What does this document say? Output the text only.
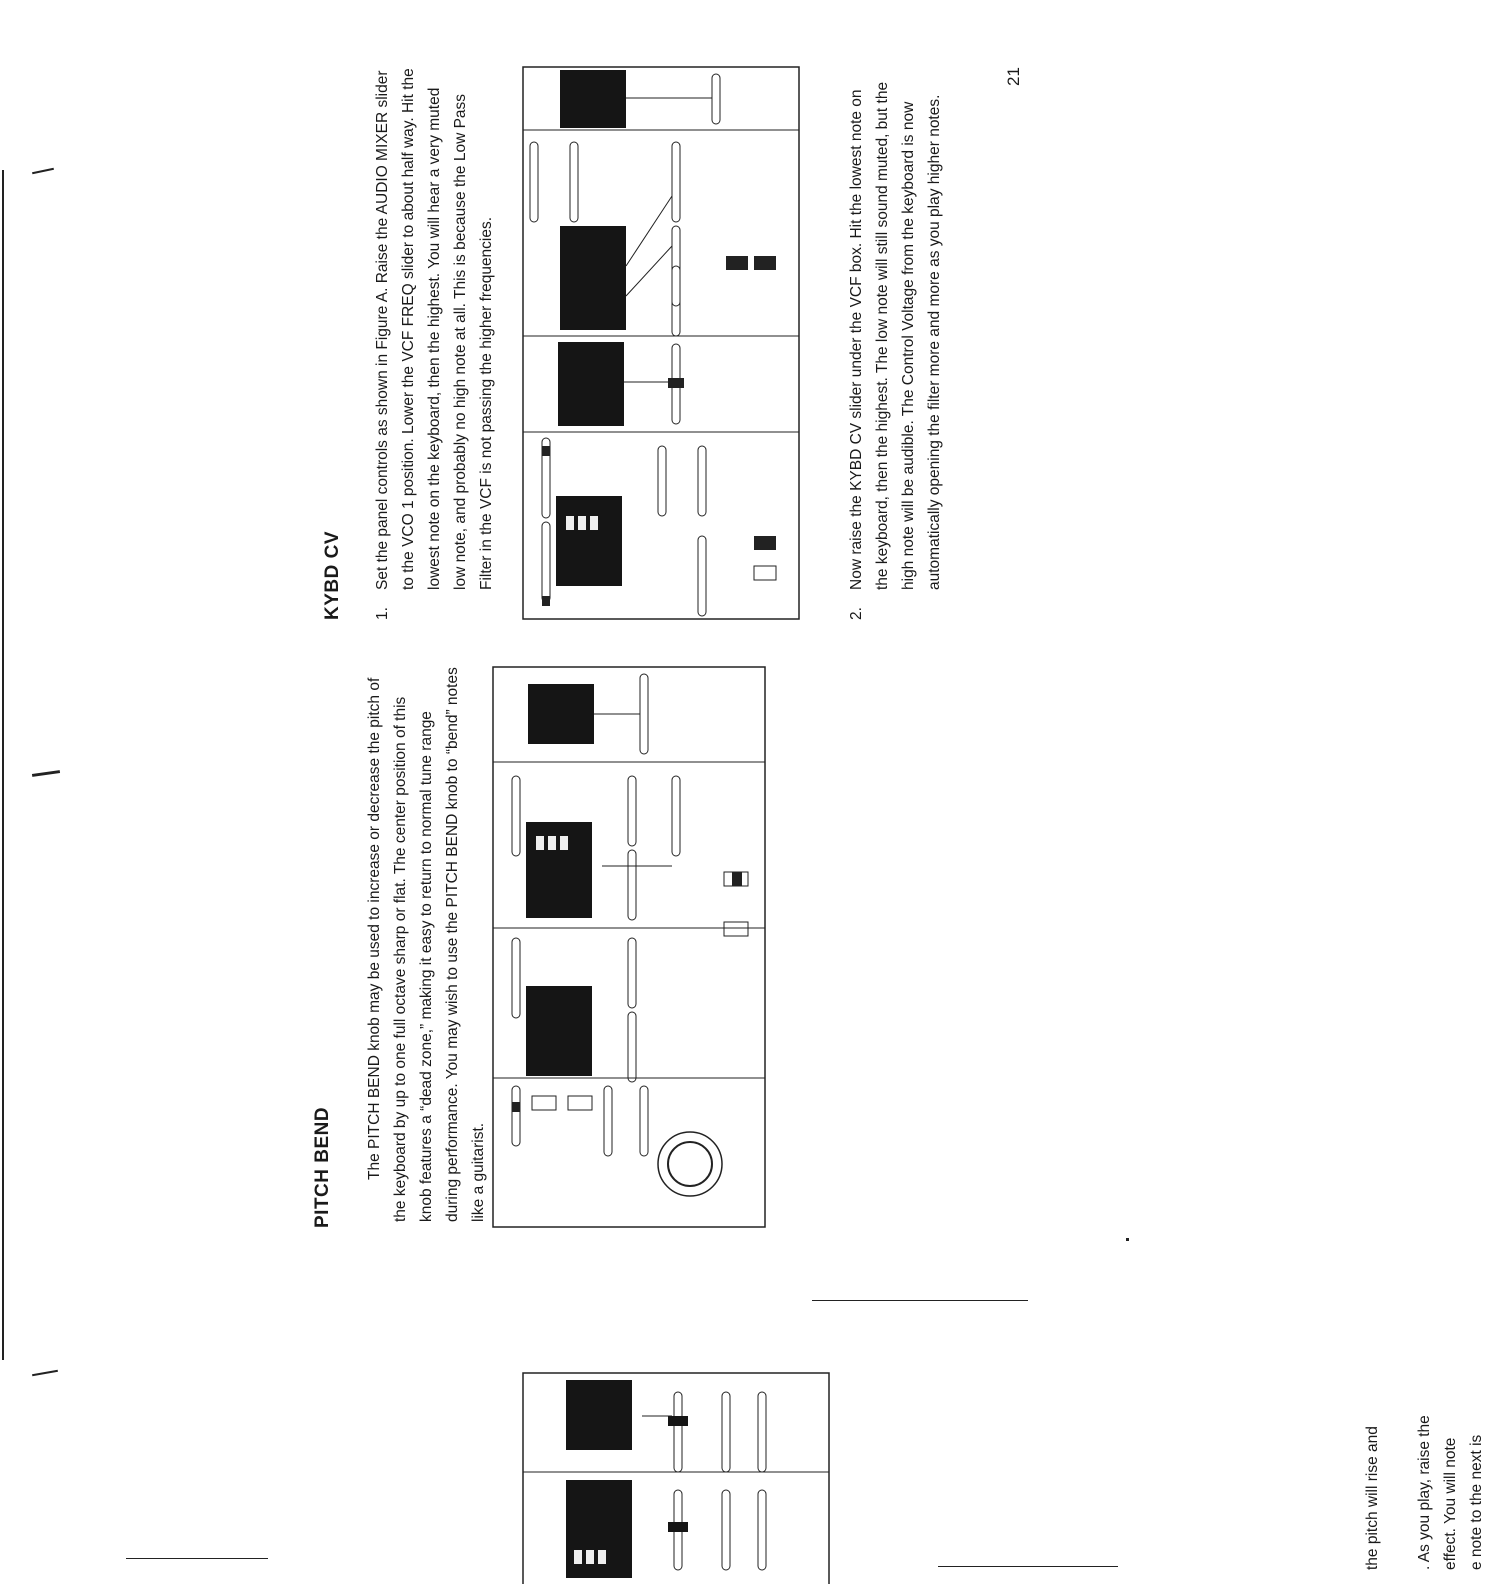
the pitch will rise and	. As you play, raise the effect. You will note e note to the next is
PITCH BEND The PITCH BEND knob may be used to increase or decrease the pitch of the keyboard by up to one full octave sharp or flat. The center position of this knob features a “dead zone,” making it easy to return to normal tune range during performance. You may wish to use the PITCH BEND knob to “bend” notes like a guitarist.

KYBD CV 1.
Set the panel controls as shown in Figure A. Raise the AUDIO MIXER slider to the VCO 1 position. Lower the VCF FREQ slider to about half way. Hit the lowest note on the keyboard, then the highest. You will hear a very muted low note, and probably no high note at all. This is because the Low Pass Filter in the VCF is not passing the higher frequencies.
2.
Now raise the KYBD CV slider under the VCF box. Hit the lowest note on the keyboard, then the highest. The low note will still sound muted, but the high note will be audible. The Control Voltage from the keyboard is now automatically opening the filter more and more as you play higher notes.
21
